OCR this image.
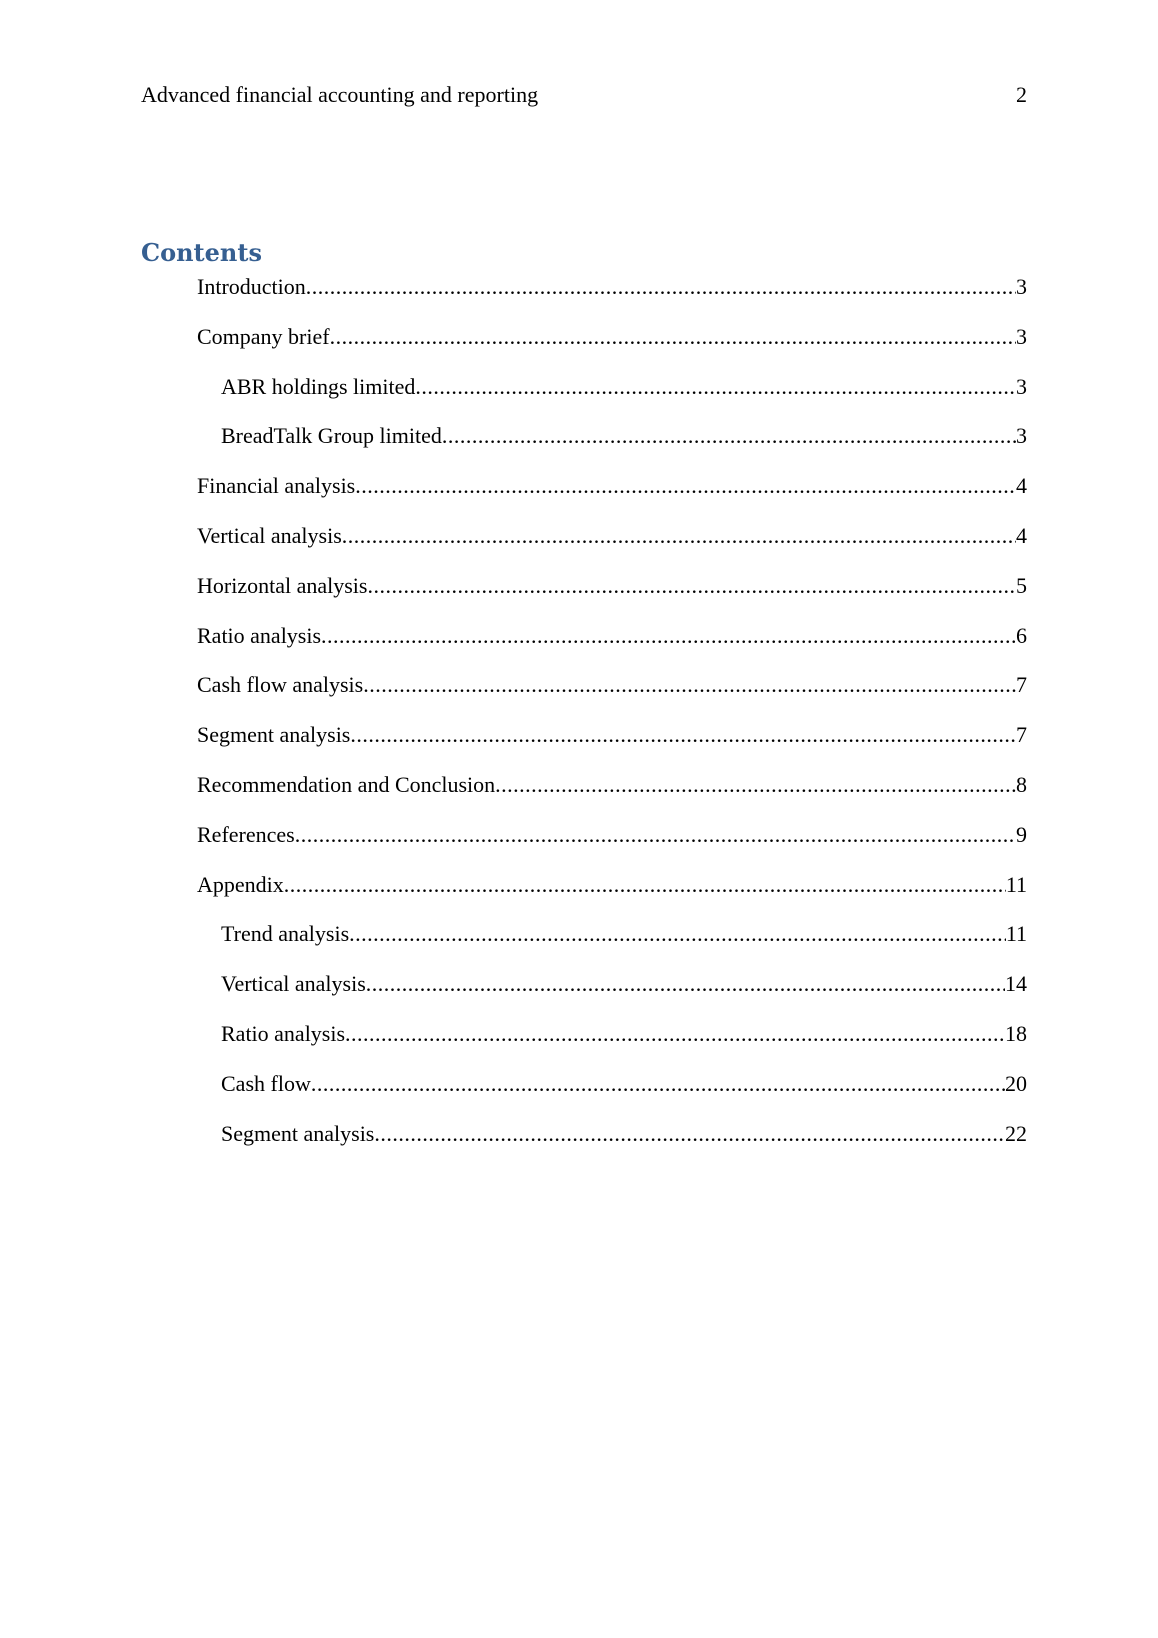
Advanced financial accounting and reporting	2
Contents
Introduction .....	3
Company brief .....	3
ABR holdings limited .....	3
BreadTalk Group limited .....	3
Financial analysis .....	4
Vertical analysis .....	4
Horizontal analysis .....	5
Ratio analysis .....	6
Cash flow analysis .....	7
Segment analysis .....	7
Recommendation and Conclusion .....	8
References .....	9
Appendix .....	11
Trend analysis .....	11
Vertical analysis .....	14
Ratio analysis .....	18
Cash flow .....	20
Segment analysis .....	22
